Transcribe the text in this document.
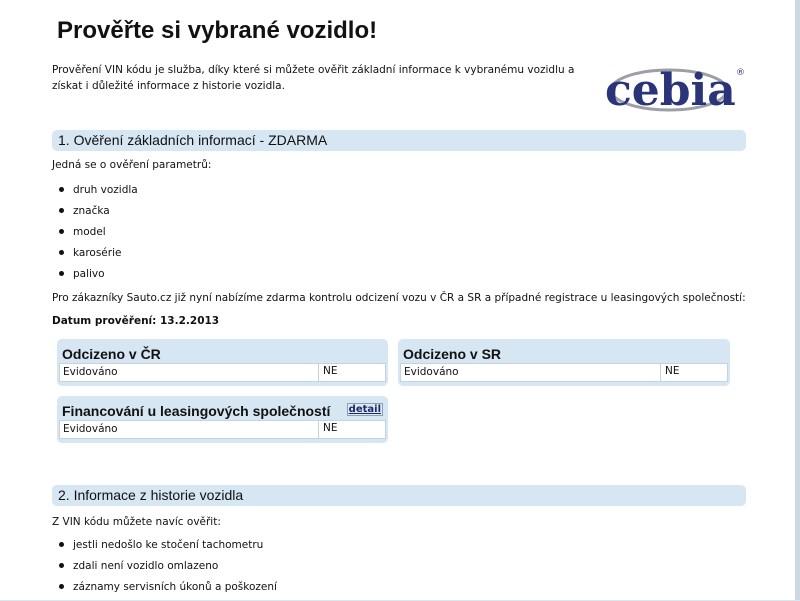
Prověřte si vybrané vozidlo!
Prověření VIN kódu je služba, díky které si můžete ověřit základní informace k vybranému vozidlu a získat i důležité informace z historie vozidla.	cebia ®
1. Ověření základních informací - ZDARMA
Jedná se o ověření parametrů:
druh vozidla
značka
model
karosérie
palivo
Pro zákazníky Sauto.cz již nyní nabízíme zdarma kontrolu odcizení vozu v ČR a SR a případné registrace u leasingových společností:
Datum prověření: 13.2.2013
Odcizeno v ČR
Evidováno	NE
Odcizeno v SR
Evidováno	NE
Financování u leasingových společností detail
Evidováno	NE
2. Informace z historie vozidla
Z VIN kódu můžete navíc ověřit:
jestli nedošlo ke stočení tachometru
zdali není vozidlo omlazeno
záznamy servisních úkonů a poškození
